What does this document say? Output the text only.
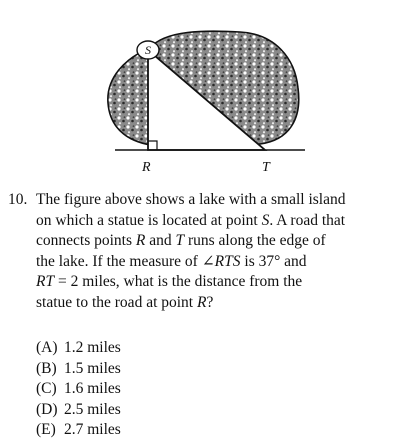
S
R	T
10. The figure above shows a lake with a small island

on which a statue is located at point S. A road that

connects points R and T runs along the edge of

the lake. If the measure of ∠RTS is 37° and

RT = 2 miles, what is the distance from the

statue to the road at point R?

(A) 1.2 miles
(B) 1.5 miles
(C) 1.6 miles
(D) 2.5 miles
(E) 2.7 miles
